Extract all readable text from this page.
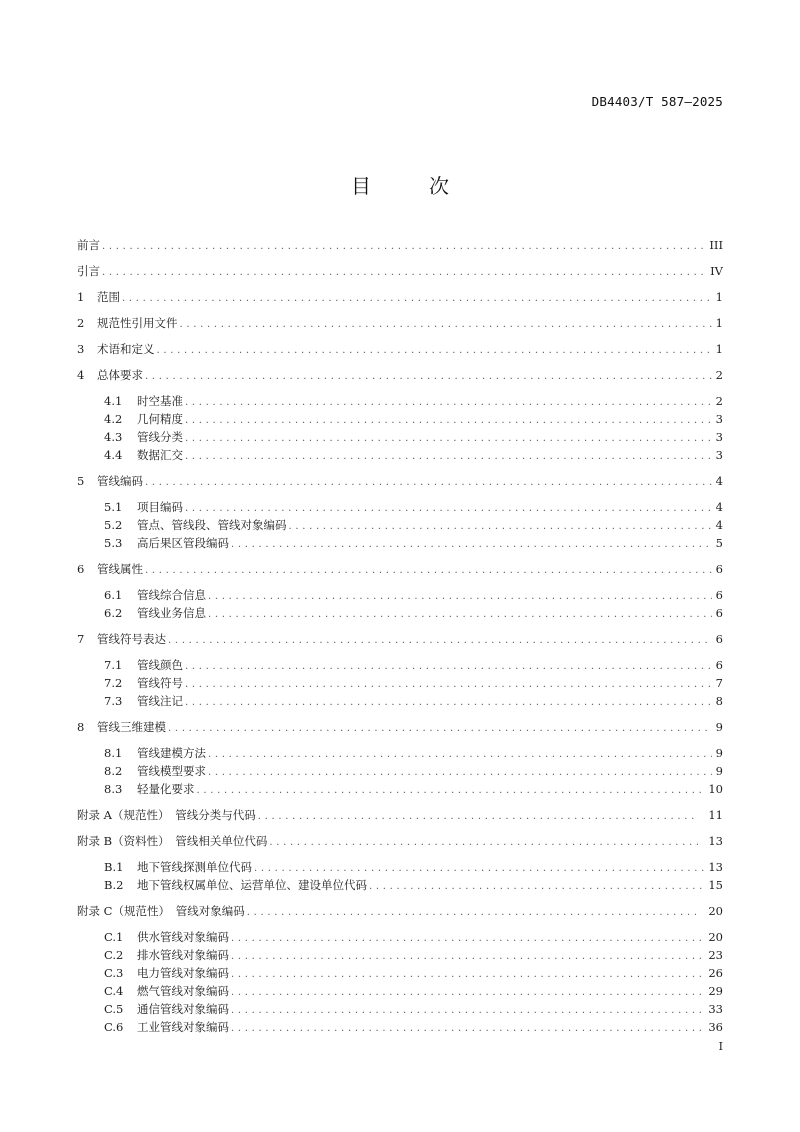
DB4403/T 587—2025
目	次
前言 .....	III
引言 .....	IV
1 范围 .....	1
2 规范性引用文件 .....	1
3 术语和定义 .....	1
4 总体要求 .....	2
4.1 时空基准 .....	2
4.2 几何精度 .....	3
4.3 管线分类 .....	3
4.4 数据汇交 .....	3
5 管线编码 .....	4
5.1 项目编码 .....	4
5.2 管点、管线段、管线对象编码 .....	4
5.3 高后果区管段编码 .....	5
6 管线属性 .....	6
6.1 管线综合信息 .....	6
6.2 管线业务信息 .....	6
7 管线符号表达 .....	6
7.1 管线颜色 .....	6
7.2 管线符号 .....	7
7.3 管线注记 .....	8
8 管线三维建模 .....	9
8.1 管线建模方法 .....	9
8.2 管线模型要求 .....	9
8.3 轻量化要求 .....	10
附录 A（规范性）　管线分类与代码 .....	11
附录 B（资料性）　管线相关单位代码 .....	13
B.1 地下管线探测单位代码 .....	13
B.2 地下管线权属单位、运营单位、建设单位代码 .....	15
附录 C（规范性）　管线对象编码 .....	20
C.1 供水管线对象编码 .....	20
C.2 排水管线对象编码 .....	23
C.3 电力管线对象编码 .....	26
C.4 燃气管线对象编码 .....	29
C.5 通信管线对象编码 .....	33
C.6 工业管线对象编码 .....	36
I
